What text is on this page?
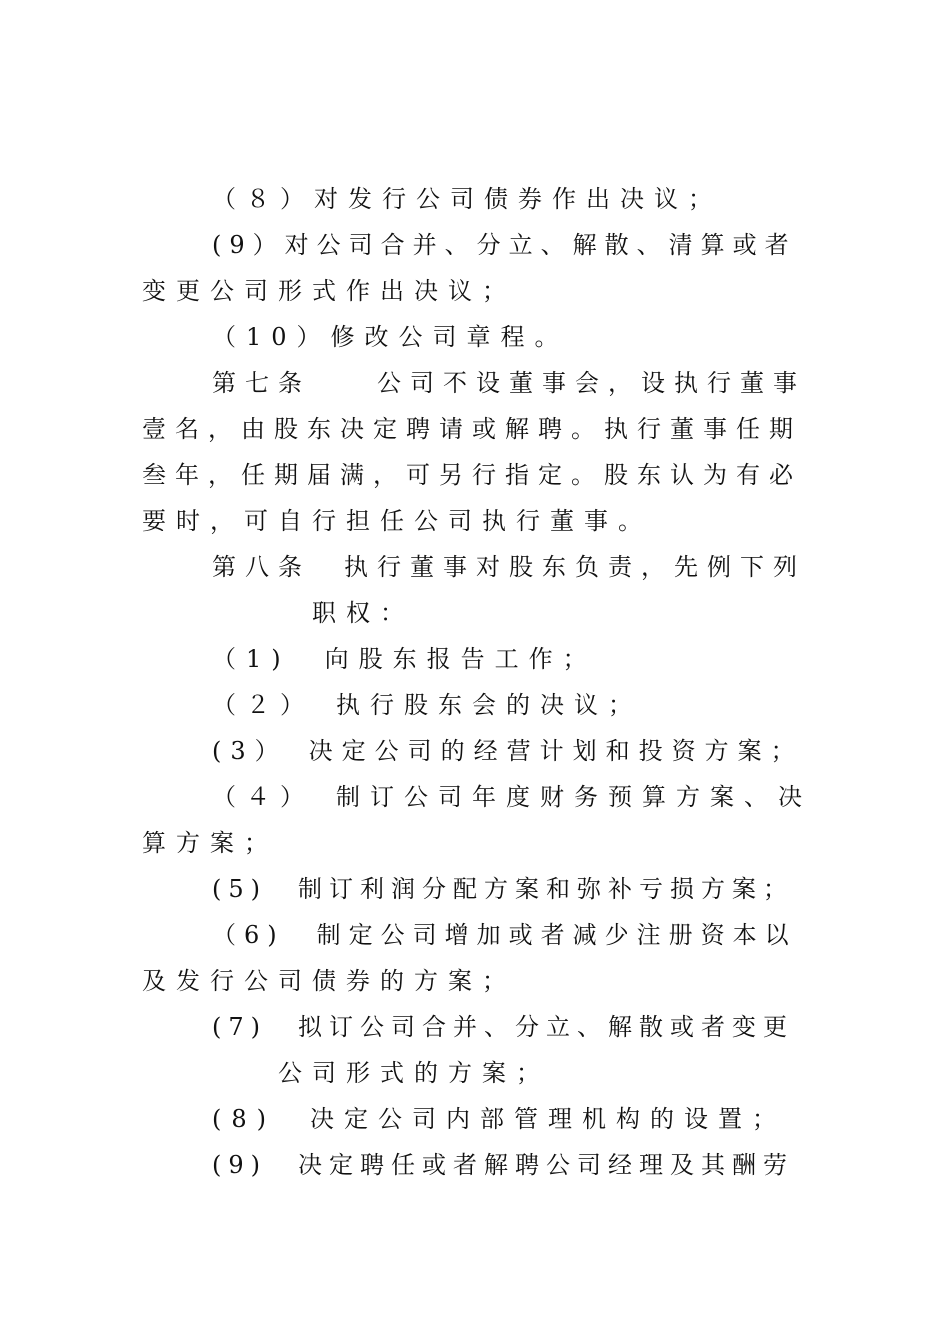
（８）对发行公司债券作出决议；
(9）对公司合并、分立、解散、清算或者
变更公司形式作出决议；
（10）修改公司章程。
第七条　　公司不设董事会，设执行董事
壹名，由股东决定聘请或解聘。执行董事任期
叁年，任期届满，可另行指定。股东认为有必
要时，可自行担任公司执行董事。
第八条　执行董事对股东负责，先例下列
职权：
（1)　向股东报告工作；
（２）　执行股东会的决议；
(3）　决定公司的经营计划和投资方案；
（４）　制订公司年度财务预算方案、决
算方案；
(5)　制订利润分配方案和弥补亏损方案；
（6)　制定公司增加或者减少注册资本以
及发行公司债券的方案；
(7)　拟订公司合并、分立、解散或者变更
公司形式的方案；
(8)　决定公司内部管理机构的设置；
(9)　决定聘任或者解聘公司经理及其酬劳
